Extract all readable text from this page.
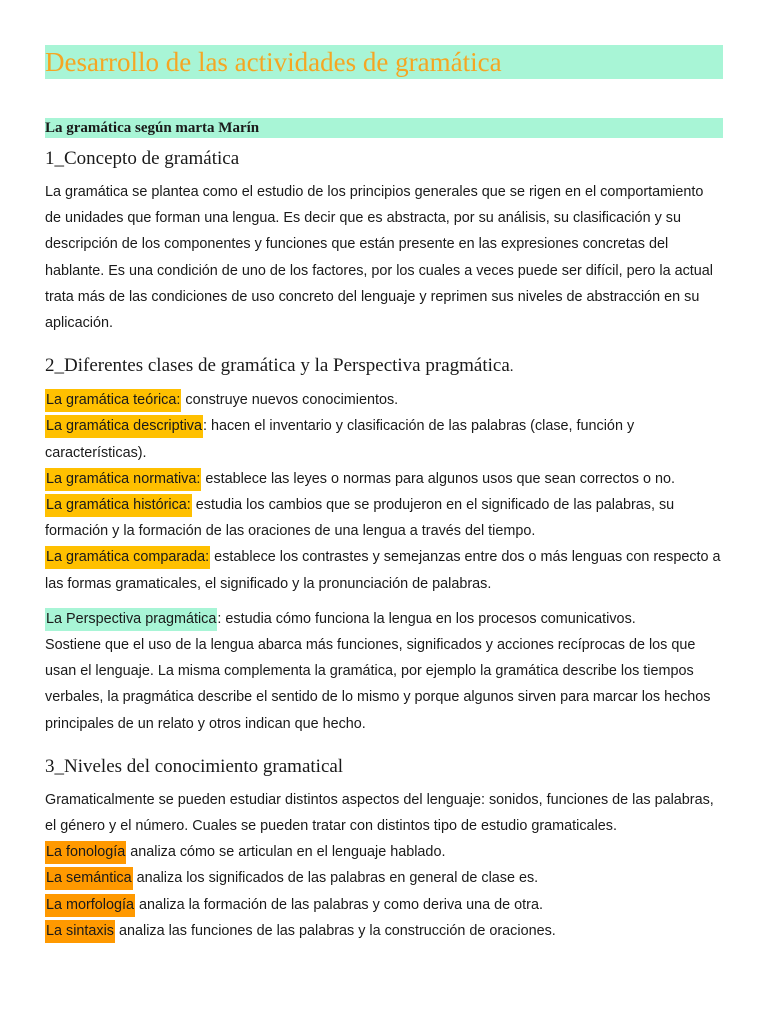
Desarrollo de las actividades de gramática
La gramática según marta Marín
1_Concepto de gramática

La gramática se plantea como el estudio de los principios generales que se rigen en el comportamiento de unidades que forman una lengua. Es decir que es abstracta, por su análisis, su clasificación y su descripción de los componentes y funciones que están presente en las expresiones concretas del hablante. Es una condición de uno de los factores, por los cuales a veces puede ser difícil, pero la actual trata más de las condiciones de uso concreto del lenguaje y reprimen sus niveles de abstracción en su aplicación.

2_Diferentes clases de gramática y la Perspectiva pragmática.

La gramática teórica: construye nuevos conocimientos.

La gramática descriptiva: hacen el inventario y clasificación de las palabras (clase, función y características).

La gramática normativa: establece las leyes o normas para algunos usos que sean correctos o no.

La gramática histórica: estudia los cambios que se produjeron en el significado de las palabras, su formación y la formación de las oraciones de una lengua a través del tiempo.

La gramática comparada: establece los contrastes y semejanzas entre dos o más lenguas con respecto a las formas gramaticales, el significado y la pronunciación de palabras.

La Perspectiva pragmática: estudia cómo funciona la lengua en los procesos comunicativos.

Sostiene que el uso de la lengua abarca más funciones, significados y acciones recíprocas de los que usan el lenguaje. La misma complementa la gramática, por ejemplo la gramática describe los tiempos verbales, la pragmática describe el sentido de lo mismo y porque algunos sirven para marcar los hechos principales de un relato y otros indican que hecho.

3_Niveles del conocimiento gramatical

Gramaticalmente se pueden estudiar distintos aspectos del lenguaje: sonidos, funciones de las palabras, el género y el número. Cuales se pueden tratar con distintos tipo de estudio gramaticales.

La fonología analiza cómo se articulan en el lenguaje hablado.

La semántica analiza los significados de las palabras en general de clase es.

La morfología analiza la formación de las palabras y como deriva una de otra.

La sintaxis analiza las funciones de las palabras y la construcción de oraciones.
